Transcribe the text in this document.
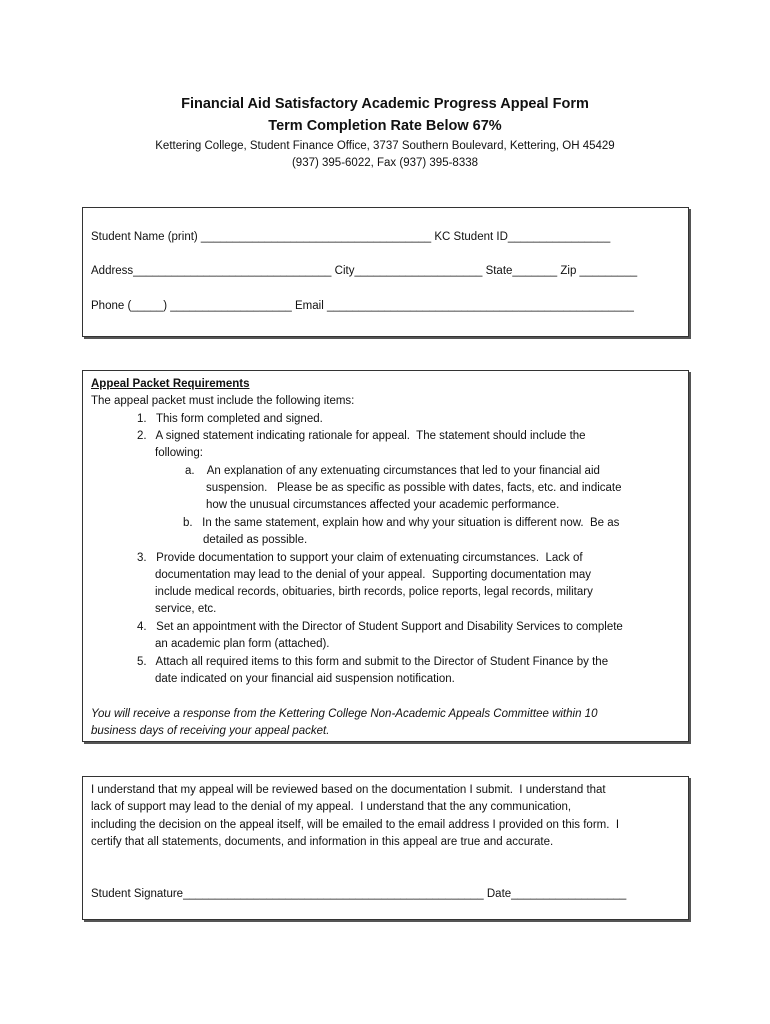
Financial Aid Satisfactory Academic Progress Appeal Form
Term Completion Rate Below 67%
Kettering College, Student Finance Office, 3737 Southern Boulevard, Kettering, OH 45429
(937) 395-6022, Fax (937) 395-8338
Student Name (print) ____________________________________ KC Student ID________________
Address_______________________________ City____________________ State_______ Zip _________
Phone (_____) ___________________ Email ________________________________________________
Appeal Packet Requirements
The appeal packet must include the following items:
1.   This form completed and signed.
2.   A signed statement indicating rationale for appeal.  The statement should include the
following:
a.    An explanation of any extenuating circumstances that led to your financial aid
suspension.   Please be as specific as possible with dates, facts, etc. and indicate
how the unusual circumstances affected your academic performance.
b.   In the same statement, explain how and why your situation is different now.  Be as
detailed as possible.
3.   Provide documentation to support your claim of extenuating circumstances.  Lack of
documentation may lead to the denial of your appeal.  Supporting documentation may
include medical records, obituaries, birth records, police reports, legal records, military
service, etc.
4.   Set an appointment with the Director of Student Support and Disability Services to complete
an academic plan form (attached).
5.   Attach all required items to this form and submit to the Director of Student Finance by the
date indicated on your financial aid suspension notification.
You will receive a response from the Kettering College Non-Academic Appeals Committee within 10
business days of receiving your appeal packet.
I understand that my appeal will be reviewed based on the documentation I submit.  I understand that
lack of support may lead to the denial of my appeal.  I understand that the any communication,
including the decision on the appeal itself, will be emailed to the email address I provided on this form.  I
certify that all statements, documents, and information in this appeal are true and accurate.
Student Signature_______________________________________________ Date__________________
